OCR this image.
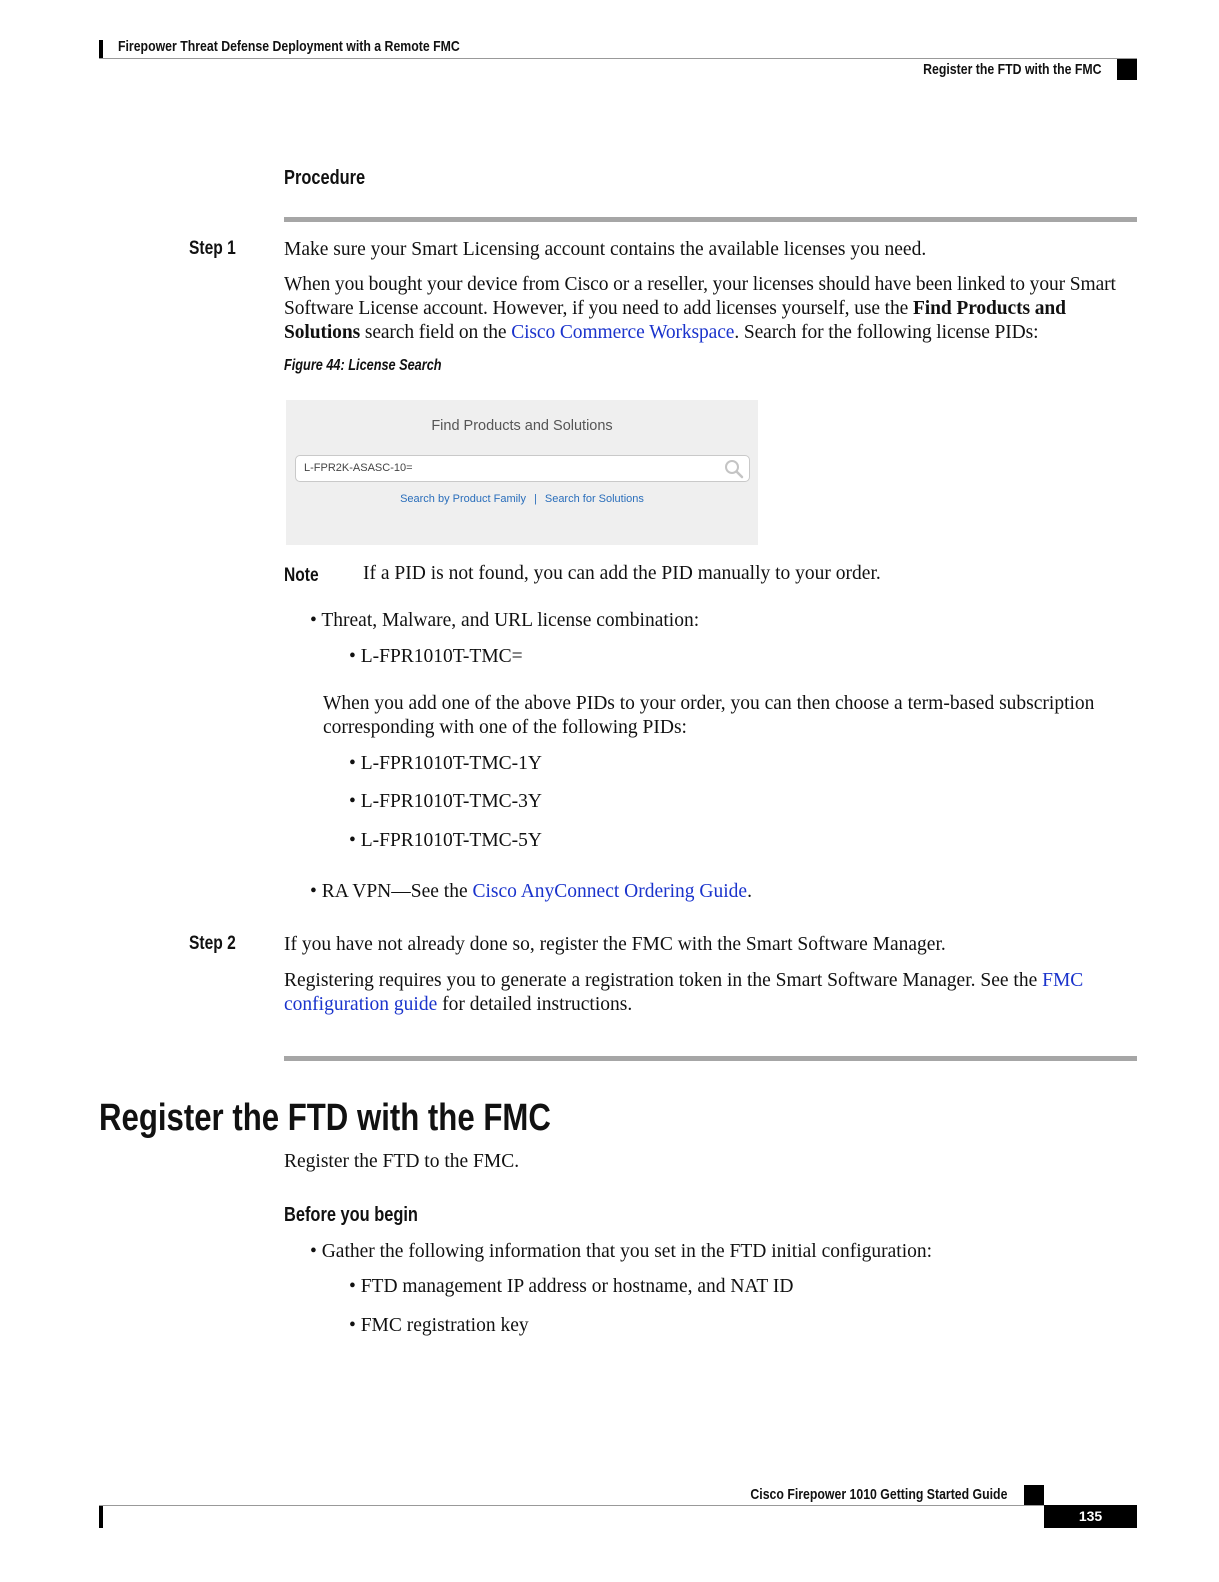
Firepower Threat Defense Deployment with a Remote FMC
Register the FTD with the FMC
Procedure
Step 1	Make sure your Smart Licensing account contains the available licenses you need.
When you bought your device from Cisco or a reseller, your licenses should have been linked to your Smart Software License account. However, if you need to add licenses yourself, use the Find Products and Solutions search field on the Cisco Commerce Workspace. Search for the following license PIDs:
Figure 44: License Search
Find Products and Solutions
L-FPR2K-ASASC-10=
Search by Product Family | Search for Solutions
Note	If a PID is not found, you can add the PID manually to your order.
• Threat, Malware, and URL license combination:
• L-FPR1010T-TMC=
When you add one of the above PIDs to your order, you can then choose a term-based subscription corresponding with one of the following PIDs:
• L-FPR1010T-TMC-1Y
• L-FPR1010T-TMC-3Y
• L-FPR1010T-TMC-5Y
• RA VPN—See the Cisco AnyConnect Ordering Guide.
Step 2	If you have not already done so, register the FMC with the Smart Software Manager.
Registering requires you to generate a registration token in the Smart Software Manager. See the FMC configuration guide for detailed instructions.
Register the FTD with the FMC
Register the FTD to the FMC.
Before you begin
• Gather the following information that you set in the FTD initial configuration:
• FTD management IP address or hostname, and NAT ID
• FMC registration key
Cisco Firepower 1010 Getting Started Guide
135
